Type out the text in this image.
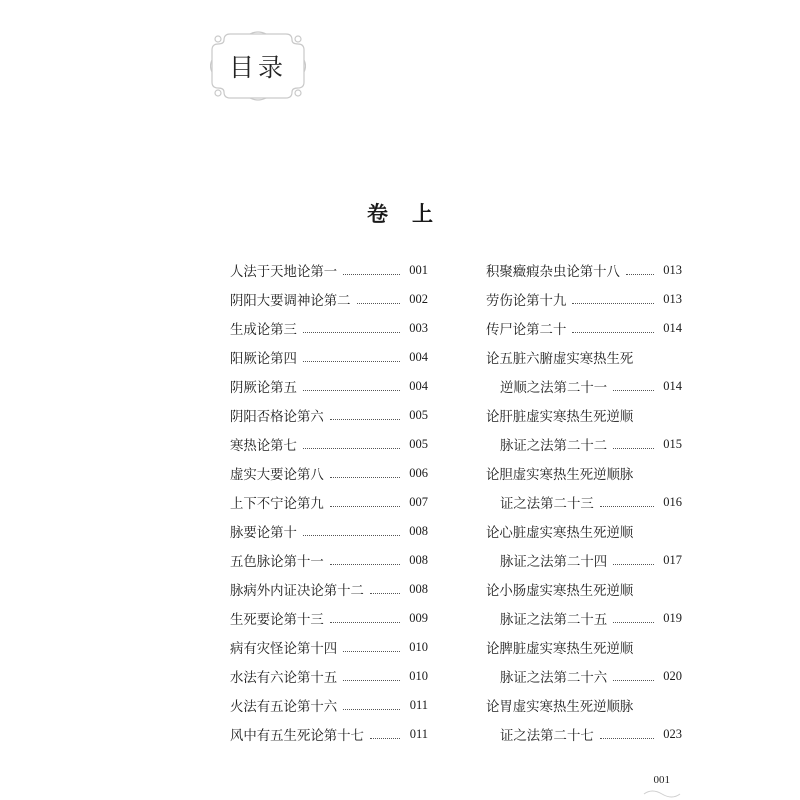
目录
卷上
人法于天地论第一	001
阴阳大要调神论第二	002
生成论第三	003
阳厥论第四	004
阴厥论第五	004
阴阳否格论第六	005
寒热论第七	005
虚实大要论第八	006
上下不宁论第九	007
脉要论第十	008
五色脉论第十一	008
脉病外内证决论第十二	008
生死要论第十三	009
病有灾怪论第十四	010
水法有六论第十五	010
火法有五论第十六	011
风中有五生死论第十七	011
积聚癥瘕杂虫论第十八	013
劳伤论第十九	013
传尸论第二十	014
论五脏六腑虚实寒热生死
逆顺之法第二十一	014
论肝脏虚实寒热生死逆顺
脉证之法第二十二	015
论胆虚实寒热生死逆顺脉
证之法第二十三	016
论心脏虚实寒热生死逆顺
脉证之法第二十四	017
论小肠虚实寒热生死逆顺
脉证之法第二十五	019
论脾脏虚实寒热生死逆顺
脉证之法第二十六	020
论胃虚实寒热生死逆顺脉
证之法第二十七	023
001
